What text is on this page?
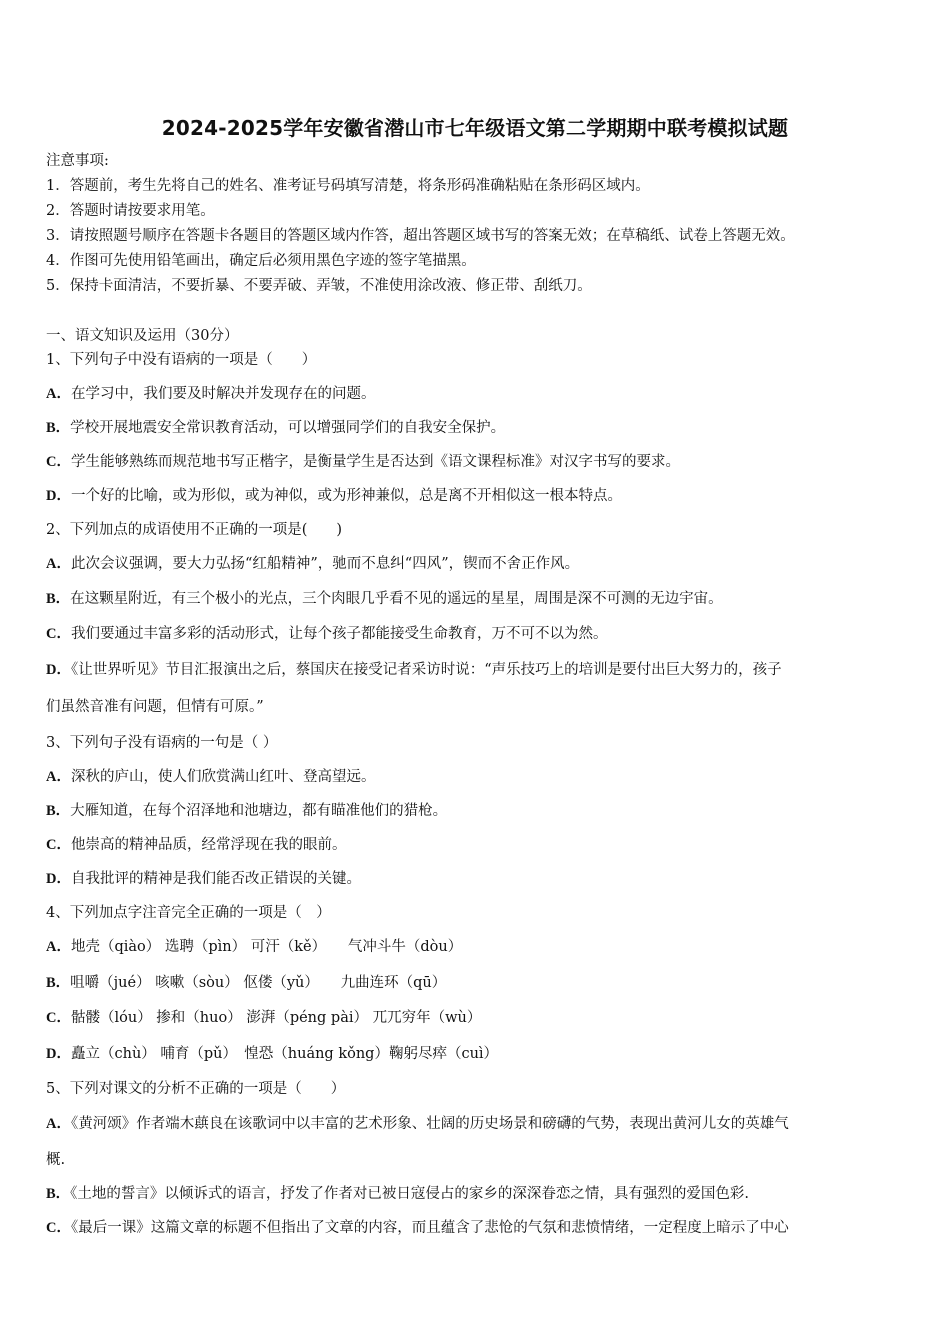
2024-2025学年安徽省潜山市七年级语文第二学期期中联考模拟试题
注意事项:
1．答题前，考生先将自己的姓名、准考证号码填写清楚，将条形码准确粘贴在条形码区域内。
2．答题时请按要求用笔。
3．请按照题号顺序在答题卡各题目的答题区域内作答，超出答题区域书写的答案无效；在草稿纸、试卷上答题无效。
4．作图可先使用铅笔画出，确定后必须用黑色字迹的签字笔描黑。
5．保持卡面清洁，不要折暴、不要弄破、弄皱，不准使用涂改液、修正带、刮纸刀。
一、语文知识及运用（30分）
1、下列句子中没有语病的一项是（　　）
A．在学习中，我们要及时解决并发现存在的问题。
B．学校开展地震安全常识教育活动，可以增强同学们的自我安全保护。
C．学生能够熟练而规范地书写正楷字，是衡量学生是否达到《语文课程标准》对汉字书写的要求。
D．一个好的比喻，或为形似，或为神似，或为形神兼似，总是离不开相似这一根本特点。
2、下列加点的成语使用不正确的一项是(　　)
A．此次会议强调，要大力弘扬“红船精神”，驰而不息纠“四风”，锲而不舍正作风。
B．在这颗星附近，有三个极小的光点，三个肉眼几乎看不见的遥远的星星，周围是深不可测的无边宇宙。
C．我们要通过丰富多彩的活动形式，让每个孩子都能接受生命教育，万不可不以为然。
D．《让世界听见》节目汇报演出之后，蔡国庆在接受记者采访时说：“声乐技巧上的培训是要付出巨大努力的，孩子
们虽然音准有问题，但情有可原。”
3、下列句子没有语病的一句是（ ）
A．深秋的庐山，使人们欣赏满山红叶、登高望远。
B．大雁知道，在每个沼泽地和池塘边，都有瞄准他们的猎枪。
C．他崇高的精神品质，经常浮现在我的眼前。
D．自我批评的精神是我们能否改正错误的关键。
4、下列加点字注音完全正确的一项是（　）
A．地壳（qiào） 选聘（pìn） 可汗（kě）　　气冲斗牛（dòu）
B．咀嚼（jué） 咳嗽（sòu） 伛偻（yǔ）　　九曲连环（qū）
C．骷髅（lóu） 掺和（huo） 澎湃（péng pài） 兀兀穷年（wù）
D．矗立（chù） 哺育（pǔ）　惶恐（huáng kǒng）鞠躬尽瘁（cuì）
5、下列对课文的分析不正确的一项是（　　）
A．《黄河颂》作者端木蕻良在该歌词中以丰富的艺术形象、壮阔的历史场景和磅礴的气势，表现出黄河儿女的英雄气
概.
B．《土地的誓言》以倾诉式的语言，抒发了作者对已被日寇侵占的家乡的深深眷恋之情，具有强烈的爱国色彩.
C．《最后一课》这篇文章的标题不但指出了文章的内容，而且蕴含了悲怆的气氛和悲愤情绪，一定程度上暗示了中心
